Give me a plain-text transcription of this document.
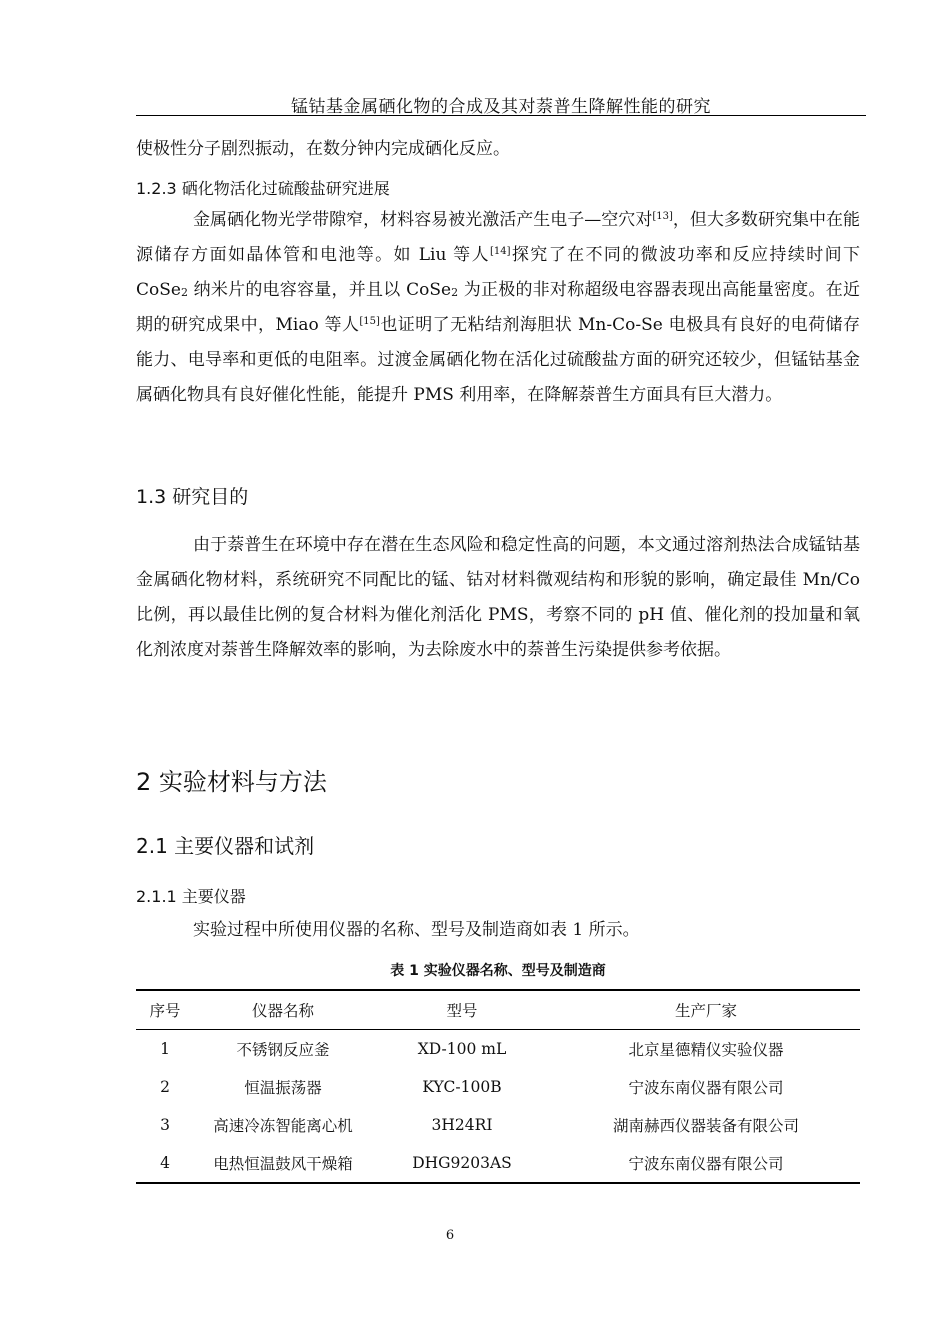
锰钴基金属硒化物的合成及其对萘普生降解性能的研究

使极性分子剧烈振动，在数分钟内完成硒化反应。

1.2.3 硒化物活化过硫酸盐研究进展

金属硒化物光学带隙窄，材料容易被光激活产生电子—空穴对[13]，但大多数研究集中在能源储存方面如晶体管和电池等。如 Liu 等人[14]探究了在不同的微波功率和反应持续时间下 CoSe$_2$ 纳米片的电容容量，并且以 CoSe$_2$ 为正极的非对称超级电容器表现出高能量密度。在近期的研究成果中，Miao 等人[15]也证明了无粘结剂海胆状 Mn-Co-Se 电极具有良好的电荷储存能力、电导率和更低的电阻率。过渡金属硒化物在活化过硫酸盐方面的研究还较少，但锰钴基金属硒化物具有良好催化性能，能提升 PMS 利用率，在降解萘普生方面具有巨大潜力。

1.3 研究目的

由于萘普生在环境中存在潜在生态风险和稳定性高的问题，本文通过溶剂热法合成锰钴基金属硒化物材料，系统研究不同配比的锰、钴对材料微观结构和形貌的影响，确定最佳 Mn/Co 比例，再以最佳比例的复合材料为催化剂活化 PMS，考察不同的 pH 值、催化剂的投加量和氧化剂浓度对萘普生降解效率的影响，为去除废水中的萘普生污染提供参考依据。

2 实验材料与方法
2.1 主要仪器和试剂
2.1.1 主要仪器

实验过程中所使用仪器的名称、型号及制造商如表 1 所示。

表 1 实验仪器名称、型号及制造商
序号	仪器名称	型号	生产厂家
1	不锈钢反应釜	XD-100 mL	北京星德精仪实验仪器
2	恒温振荡器	KYC-100B	宁波东南仪器有限公司
3	高速冷冻智能离心机	3H24RI	湖南赫西仪器装备有限公司
4	电热恒温鼓风干燥箱	DHG9203AS	宁波东南仪器有限公司
6
